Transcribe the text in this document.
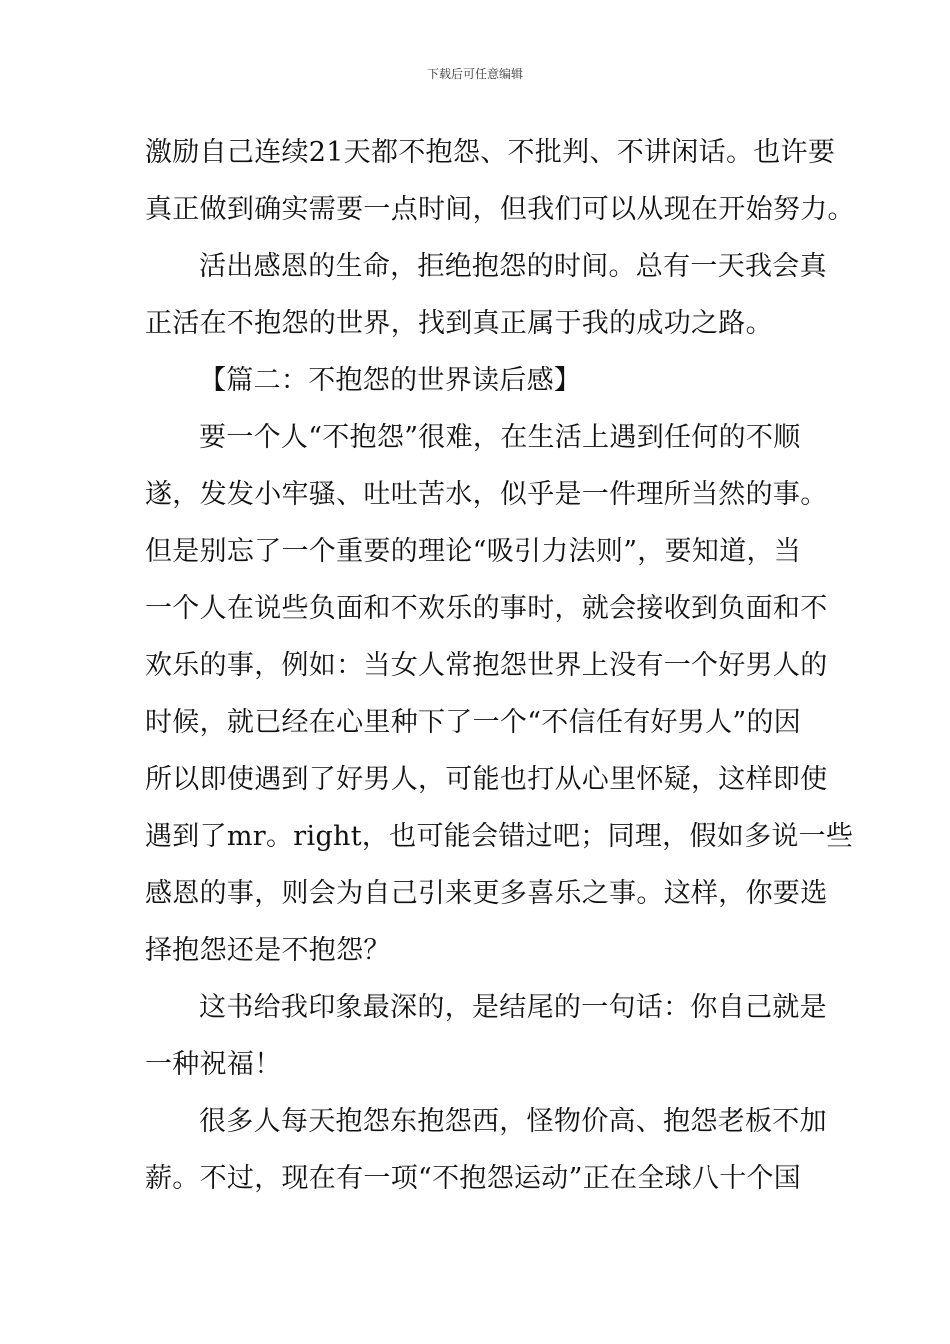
下载后可任意编辑
激励自己连续21天都不抱怨、不批判、不讲闲话。也许要
真正做到确实需要一点时间，但我们可以从现在开始努力。
活出感恩的生命，拒绝抱怨的时间。总有一天我会真
正活在不抱怨的世界，找到真正属于我的成功之路。
【篇二：不抱怨的世界读后感】
要一个人“不抱怨”很难，在生活上遇到任何的不顺
遂，发发小牢骚、吐吐苦水，似乎是一件理所当然的事。
但是别忘了一个重要的理论“吸引力法则”，要知道，当
一个人在说些负面和不欢乐的事时，就会接收到负面和不
欢乐的事，例如：当女人常抱怨世界上没有一个好男人的
时候，就已经在心里种下了一个“不信任有好男人”的因
所以即使遇到了好男人，可能也打从心里怀疑，这样即使
遇到了mr。right，也可能会错过吧；同理，假如多说一些
感恩的事，则会为自己引来更多喜乐之事。这样，你要选
择抱怨还是不抱怨？
这书给我印象最深的，是结尾的一句话：你自己就是
一种祝福！
很多人每天抱怨东抱怨西，怪物价高、抱怨老板不加
薪。不过，现在有一项“不抱怨运动”正在全球八十个国
